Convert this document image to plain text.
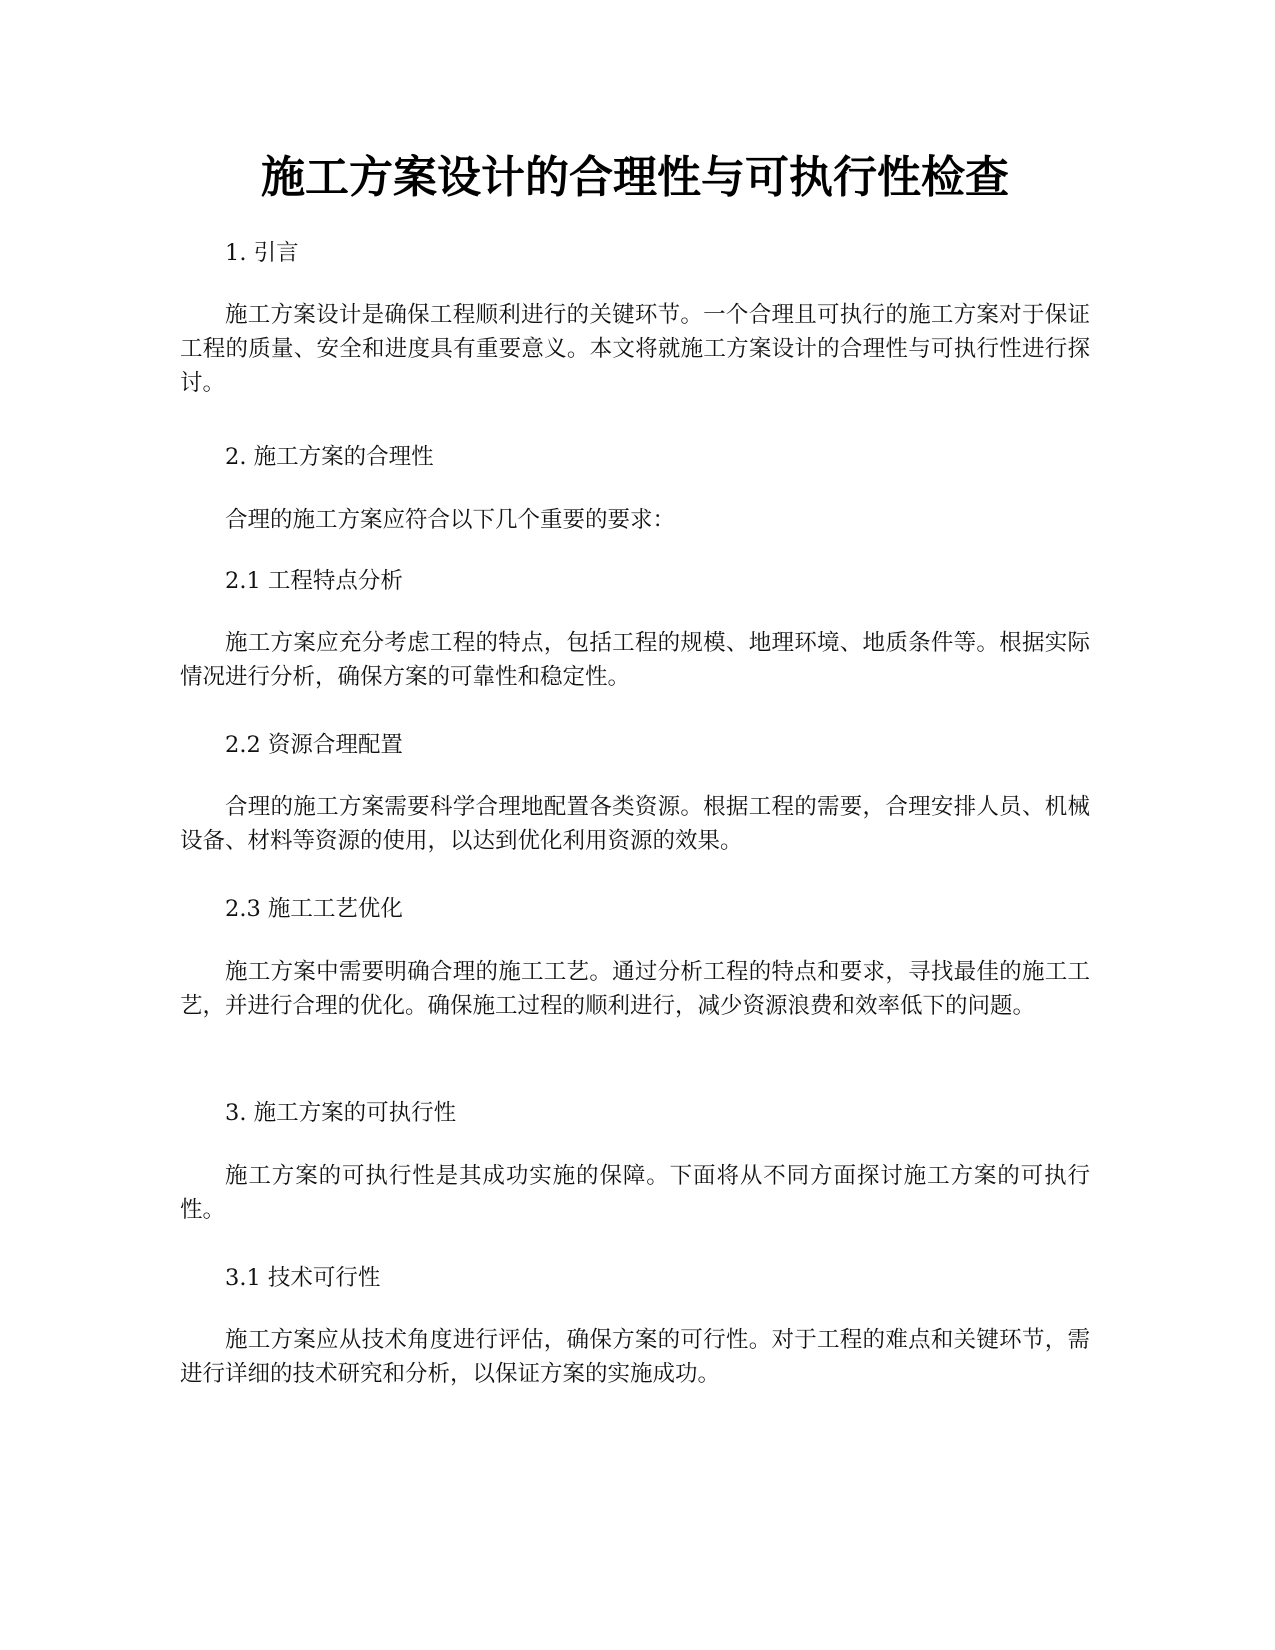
施工方案设计的合理性与可执行性检查

1. 引言

施工方案设计是确保工程顺利进行的关键环节。一个合理且可执行的施工方案对于保证工程的质量、安全和进度具有重要意义。本文将就施工方案设计的合理性与可执行性进行探讨。

2. 施工方案的合理性

合理的施工方案应符合以下几个重要的要求：

2.1 工程特点分析

施工方案应充分考虑工程的特点，包括工程的规模、地理环境、地质条件等。根据实际情况进行分析，确保方案的可靠性和稳定性。

2.2 资源合理配置

合理的施工方案需要科学合理地配置各类资源。根据工程的需要，合理安排人员、机械设备、材料等资源的使用，以达到优化利用资源的效果。

2.3 施工工艺优化

施工方案中需要明确合理的施工工艺。通过分析工程的特点和要求，寻找最佳的施工工艺，并进行合理的优化。确保施工过程的顺利进行，减少资源浪费和效率低下的问题。

3. 施工方案的可执行性

施工方案的可执行性是其成功实施的保障。下面将从不同方面探讨施工方案的可执行性。

3.1 技术可行性

施工方案应从技术角度进行评估，确保方案的可行性。对于工程的难点和关键环节，需进行详细的技术研究和分析，以保证方案的实施成功。
